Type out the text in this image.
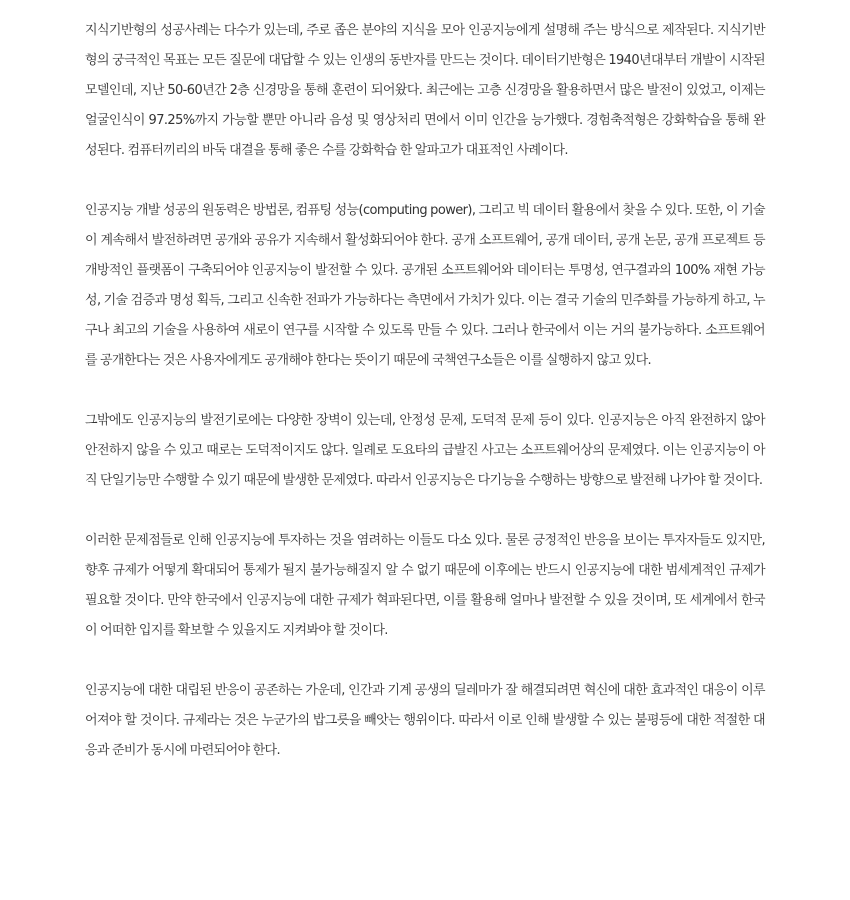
지식기반형의 성공사례는 다수가 있는데, 주로 좁은 분야의 지식을 모아 인공지능에게 설명해 주는 방식으로 제작된다. 지식기반형의 궁극적인 목표는 모든 질문에 대답할 수 있는 인생의 동반자를 만드는 것이다. 데이터기반형은 1940년대부터 개발이 시작된 모델인데, 지난 50-60년간 2층 신경망을 통해 훈련이 되어왔다. 최근에는 고층 신경망을 활용하면서 많은 발전이 있었고, 이제는 얼굴인식이 97.25%까지 가능할 뿐만 아니라 음성 및 영상처리 면에서 이미 인간을 능가했다. 경험축적형은 강화학습을 통해 완성된다. 컴퓨터끼리의 바둑 대결을 통해 좋은 수를 강화학습 한 알파고가 대표적인 사례이다.

인공지능 개발 성공의 원동력은 방법론, 컴퓨팅 성능(computing power), 그리고 빅 데이터 활용에서 찾을 수 있다. 또한, 이 기술이 계속해서 발전하려면 공개와 공유가 지속해서 활성화되어야 한다. 공개 소프트웨어, 공개 데이터, 공개 논문, 공개 프로젝트 등 개방적인 플랫폼이 구축되어야 인공지능이 발전할 수 있다. 공개된 소프트웨어와 데이터는 투명성, 연구결과의 100% 재현 가능성, 기술 검증과 명성 획득, 그리고 신속한 전파가 가능하다는 측면에서 가치가 있다. 이는 결국 기술의 민주화를 가능하게 하고, 누구나 최고의 기술을 사용하여 새로이 연구를 시작할 수 있도록 만들 수 있다. 그러나 한국에서 이는 거의 불가능하다. 소프트웨어를 공개한다는 것은 사용자에게도 공개해야 한다는 뜻이기 때문에 국책연구소들은 이를 실행하지 않고 있다.

그밖에도 인공지능의 발전기로에는 다양한 장벽이 있는데, 안정성 문제, 도덕적 문제 등이 있다. 인공지능은 아직 완전하지 않아 안전하지 않을 수 있고 때로는 도덕적이지도 않다. 일례로 도요타의 급발진 사고는 소프트웨어상의 문제였다. 이는 인공지능이 아직 단일기능만 수행할 수 있기 때문에 발생한 문제였다. 따라서 인공지능은 다기능을 수행하는 방향으로 발전해 나가야 할 것이다.

이러한 문제점들로 인해 인공지능에 투자하는 것을 염려하는 이들도 다소 있다. 물론 긍정적인 반응을 보이는 투자자들도 있지만, 향후 규제가 어떻게 확대되어 통제가 될지 불가능해질지 알 수 없기 때문에 이후에는 반드시 인공지능에 대한 범세계적인 규제가 필요할 것이다. 만약 한국에서 인공지능에 대한 규제가 혁파된다면, 이를 활용해 얼마나 발전할 수 있을 것이며, 또 세계에서 한국이 어떠한 입지를 확보할 수 있을지도 지켜봐야 할 것이다.

인공지능에 대한 대립된 반응이 공존하는 가운데, 인간과 기계 공생의 딜레마가 잘 해결되려면 혁신에 대한 효과적인 대응이 이루어져야 할 것이다. 규제라는 것은 누군가의 밥그릇을 빼앗는 행위이다. 따라서 이로 인해 발생할 수 있는 불평등에 대한 적절한 대응과 준비가 동시에 마련되어야 한다.
